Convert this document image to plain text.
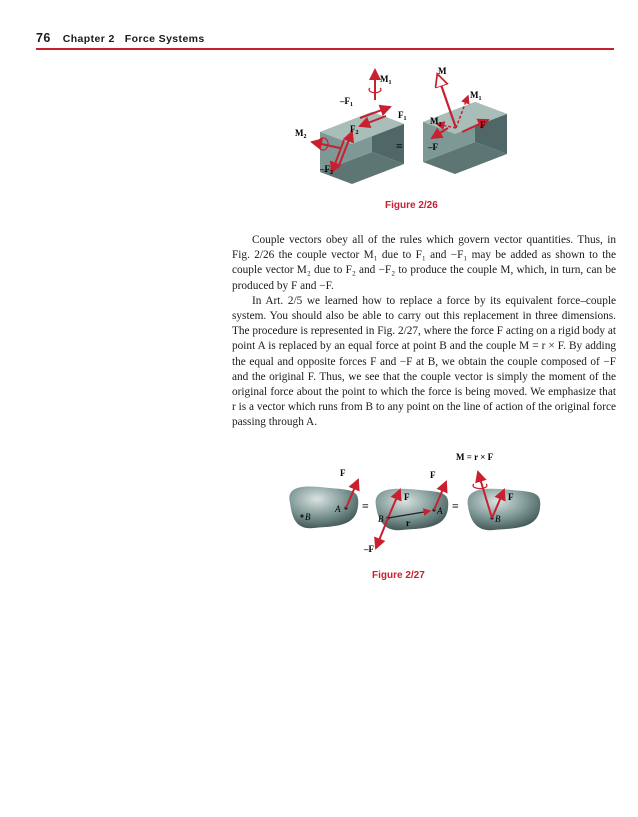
76 Chapter 2 Force Systems
$M_1$
$-F_1$
$F_1$
$M_2$
$F_2$
$-F_2$
≡
M
$M_1$
$M_2$	F
–F
Figure 2/26

Couple vectors obey all of the rules which govern vector quantities. Thus, in Fig. 2/26 the couple vector M₁ due to F₁ and −F₁ may be added as shown to the couple vector M₂ due to F₂ and −F₂ to produce the couple M, which, in turn, can be produced by F and −F.

In Art. 2/5 we learned how to replace a force by its equivalent force–couple system. You should also be able to carry out this replacement in three dimensions. The procedure is represented in Fig. 2/27, where the force F acting on a rigid body at point A is replaced by an equal force at point B and the couple M = r × F. By adding the equal and opposite forces F and −F at B, we obtain the couple composed of −F and the original F. Thus, we see that the couple vector is simply the moment of the original force about the point to which the force is being moved. We emphasize that r is a vector which runs from B to any point on the line of action of the original force passing through A.

F
A
B
≡
F
F
A
B	r
–F
≡
M = r × F
F
B
Figure 2/27
